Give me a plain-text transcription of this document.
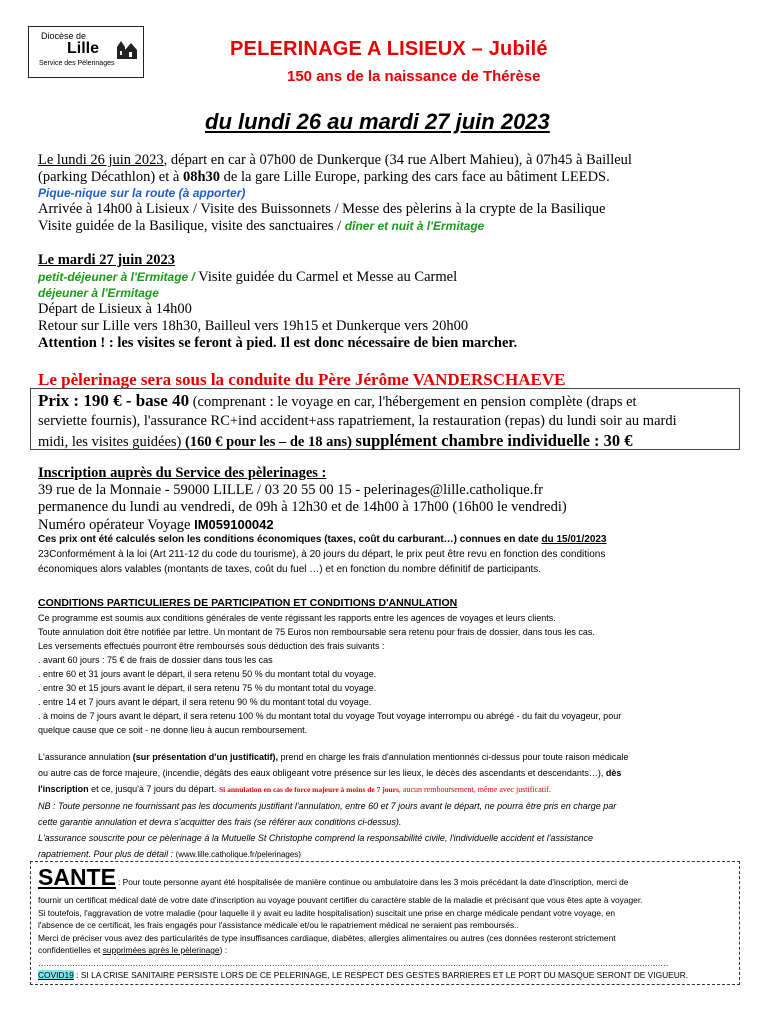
Diocèse de
Lille
Service des Pèlerinages
PELERINAGE A LISIEUX – Jubilé
150 ans de la naissance de Thérèse
du lundi 26 au mardi 27 juin 2023
Le lundi 26 juin 2023, départ en car à 07h00 de Dunkerque (34 rue Albert Mahieu), à 07h45 à Bailleul
(parking Décathlon) et à 08h30 de la gare Lille Europe, parking des cars face au bâtiment LEEDS.
Pique-nique sur la route (à apporter)
Arrivée à 14h00 à Lisieux / Visite des Buissonnets / Messe des pèlerins à la crypte de la Basilique
Visite guidée de la Basilique, visite des sanctuaires / dîner et nuit à l'Ermitage
Le mardi 27 juin 2023
petit-déjeuner à l'Ermitage / Visite guidée du Carmel et Messe au Carmel
déjeuner à l'Ermitage
Départ de Lisieux à 14h00
Retour sur Lille vers 18h30, Bailleul vers 19h15 et Dunkerque vers 20h00
Attention ! : les visites se feront à pied. Il est donc nécessaire de bien marcher.
Le pèlerinage sera sous la conduite du Père Jérôme VANDERSCHAEVE
Prix : 190 € - base 40 (comprenant : le voyage en car, l'hébergement en pension complète (draps et
serviette fournis), l'assurance RC+ind accident+ass rapatriement, la restauration (repas) du lundi soir au mardi
midi, les visites guidées) (160 € pour les – de 18 ans) supplément chambre individuelle : 30 €
Inscription auprès du Service des pèlerinages :
39 rue de la Monnaie - 59000 LILLE / 03 20 55 00 15 - pelerinages@lille.catholique.fr
permanence du lundi au vendredi, de 09h à 12h30 et de 14h00 à 17h00 (16h00 le vendredi)
Numéro opérateur Voyage IM059100042
Ces prix ont été calculés selon les conditions économiques (taxes, coût du carburant…) connues en date du 15/01/2023
23Conformément à la loi (Art 211-12 du code du tourisme), à 20 jours du départ, le prix peut être revu en fonction des conditions
économiques alors valables (montants de taxes, coût du fuel …) et en fonction du nombre définitif de participants.
CONDITIONS PARTICULIERES DE PARTICIPATION ET CONDITIONS D'ANNULATION
Ce programme est soumis aux conditions générales de vente régissant les rapports entre les agences de voyages et leurs clients.
Toute annulation doit être notifiée par lettre. Un montant de 75 Euros non remboursable sera retenu pour frais de dossier, dans tous les cas.
Les versements effectués pourront être remboursés sous déduction des frais suivants :
. avant 60 jours : 75 € de frais de dossier dans tous les cas
. entre 60 et 31 jours avant le départ, il sera retenu 50 % du montant total du voyage.
. entre 30 et 15 jours avant le départ, il sera retenu 75 % du montant total du voyage.
. entre 14 et 7 jours avant le départ, il sera retenu 90 % du montant total du voyage.
. à moins de 7 jours avant le départ, il sera retenu 100 % du montant total du voyage Tout voyage interrompu ou abrégé - du fait du voyageur, pour
quelque cause que ce soit - ne donne lieu à aucun remboursement.
L'assurance annulation (sur présentation d'un justificatif), prend en charge les frais d'annulation mentionnés ci-dessus pour toute raison médicale
ou autre cas de force majeure, (incendie, dégâts des eaux obligeant votre présence sur les lieux, le décès des ascendants et descendants…), dès
l'inscription et ce, jusqu'à 7 jours du départ. Si annulation en cas de force majeure à moins de 7 jours, aucun remboursement, même avec justificatif.
NB : Toute personne ne fournissant pas les documents justifiant l'annulation, entre 60 et 7 jours avant le départ, ne pourra être pris en charge par
cette garantie annulation et devra s'acquitter des frais (se référer aux conditions ci-dessus).
L'assurance souscrite pour ce pèlerinage à la Mutuelle St Christophe comprend la responsabilité civile, l'individuelle accident et l'assistance
rapatriement. Pour plus de détail : (www.lille.catholique.fr/pelerinages)
SANTE : Pour toute personne ayant été hospitalisée de manière continue ou ambulatoire dans les 3 mois précédant la date d'inscription, merci de
fournir un certificat médical daté de votre date d'inscription au voyage pouvant certifier du caractère stable de la maladie et précisant que vous êtes apte à voyager.
Si toutefois, l'aggravation de votre maladie (pour laquelle il y avait eu ladite hospitalisation) suscitait une prise en charge médicale pendant votre voyage, en
l'absence de ce certificat, les frais engagés pour l'assistance médicale et/ou le rapatriement médical ne seraient pas remboursés..
Merci de préciser vous avez des particularités de type insuffisances cardiaque, diabètes, allergies alimentaires ou autres (ces données resteront strictement
confidentielles et supprimées après le pèlerinage) :
……………………………………………………………………………………………………………………………………………………………………………………………………………………
COVID19 : SI LA CRISE SANITAIRE PERSISTE LORS DE CE PELERINAGE, LE RESPECT DES GESTES BARRIERES ET LE PORT DU MASQUE SERONT DE VIGUEUR.
